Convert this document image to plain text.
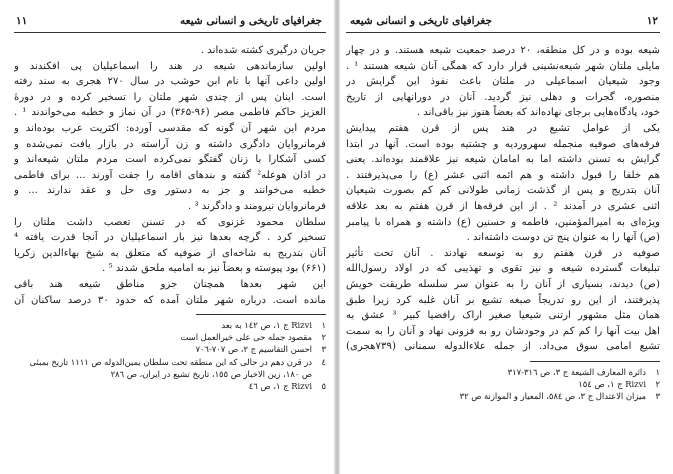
جغرافیای تاریخی و انسانی شیعه
١١
جریان درگیری کشته شده‌اند .
اولین سازماندهی شیعه در هند را اسماعیلیان پی افکندند و
اولین داعی آنها با نام ابن حوشب در سال ۲۷۰ هجری به سند رفته
است. اینان پس از چندی شهر ملتان را تسخیر کرده و در دورهٔ
العزیز حاکم فاطمی مصر (۹۶-۳۶۵) در آن نماز و خطبه می‌خواندند ¹ .
مردم این شهر آن گونه که مقدسی آورده: اکثریت عرب بوده‌اند و
فرمانروایان دادگری داشته و زن آراسته در بازار یافت نمی‌شده و
کسی آشکارا با زنان گفتگو نمی‌کرده است مردم ملتان شیعه‌اند و
در اذان هوعله² گفته و بندهای اقامه را جفت آورند ... برای فاطمی
خطبه می‌خوانند و جز به دستور وی حل و عقد ندارند ... و
فرمانروایان نیرومند و دادگرند ³ .
سلطان محمود غزنوی که در تسنن تعصب داشت ملتان را
تسخیر کرد . گرچه بعدها نیز بار اسماعیلیان در آنجا قدرت یافته ⁴
آنان بتدریج به شاخه‌ای از صوفیه که متعلق به شیخ بهاءالدین زکریا
(۶۶۱) بود پیوسته و بعضاً نیز به امامیه ملحق شدند ⁵ .
این شهر بعدها همچنان جزو مناطق شیعه هند باقی
مانده است. درباره شهر ملتان آمده که حدود ۳۰ درصد ساکنان آن
١Rizvi ج ١، ص ١٤٢ به بعد
٢مقصود جمله حی علی خیرالعمل است
٣احسن التقاسیم ج ٢، ص ٧٠٧-٧٠٦
٤در قرن دهم در حالی که این منطقه تحت سلطان یمین‌الدوله ص ١١١١ تاریخ بمبئی
ص ١٨٠، زین الاخبار ص ١٥٥، تاریخ تشیع در ایران، ص ٢٨٦
٥Rizvi ج ١، ص ٤٦
١٢
جغرافیای تاریخی و انسانی شیعه
شیعه بوده و در کل منطقه، ۲۰ درصد جمعیت شیعه هستند. و در چهار
مایلی ملتان شهر شیعه‌نشینی قرار دارد که همگی آنان شیعه هستند ¹ .
وجود شیعیان اسماعیلی در ملتان باعث نفوذ این گرایش در
منصوره، گجرات و دهلی نیز گردید. آنان در دورانهایی از تاریخ
خود، پادگاه‌هایی برجای نهاده‌اند که بعضاً هنوز نیز باقی‌اند .
یکی از عوامل تشیع در هند پس از قرن هفتم پیدایش
فرقه‌های صوفیه منجمله سهروردیه و چشتیه بوده است. آنها در ابتدا
گرایش به تسنن داشته اما به امامان شیعه نیز علاقمند بوده‌اند. یعنی
هم خلفا را قبول داشته و هم ائمه اثنی عشر (ع) را می‌پذیرفتند .
آنان بتدریج و پس از گذشت زمانی طولانی کم کم بصورت شیعیان
اثنی عشری در آمدند ² . از این فرقه‌ها از قرن هفتم به بعد علاقه
ویژه‌ای به امیرالمؤمنین، فاطمه و حسنین (ع) داشته و همراه با پیامبر
(ص) آنها را به عنوان پنج تن دوست داشته‌اند .
صوفیه در قرن هفتم رو به توسعه نهادند . آنان تحت تأثیر
تبلیغات گسترده شیعه و نیز تقوی و تهذیبی که در اولاد رسول‌الله
(ص) دیدند، بسیاری از آنان را به عنوان سر سلسله طریقت خویش
پذیرفتند، از این رو تدریجاً صبغه تشیع بر آنان غلبه کرد زیرا طبق
همان مثل مشهور ارتنی شیعیا صغیر اراک رافضیا کبیر ³ عشق به
اهل بیت آنها را کم کم در وجودشان رو به فزونی نهاد و آنان را به سمت
تشیع امامی سوق می‌داد. از جمله علاءالدوله سمنانی (۷۳۹هجری)
١دائرة المعارف الشیعة ج ٣، ص ٣١٦-٣١٧
٢Rizvi ج ١، ص ١٥٤
٣میزان الاعتدال ج ٣، ص ٥٨٤، المعیار و الموازنة ص ٣٢
